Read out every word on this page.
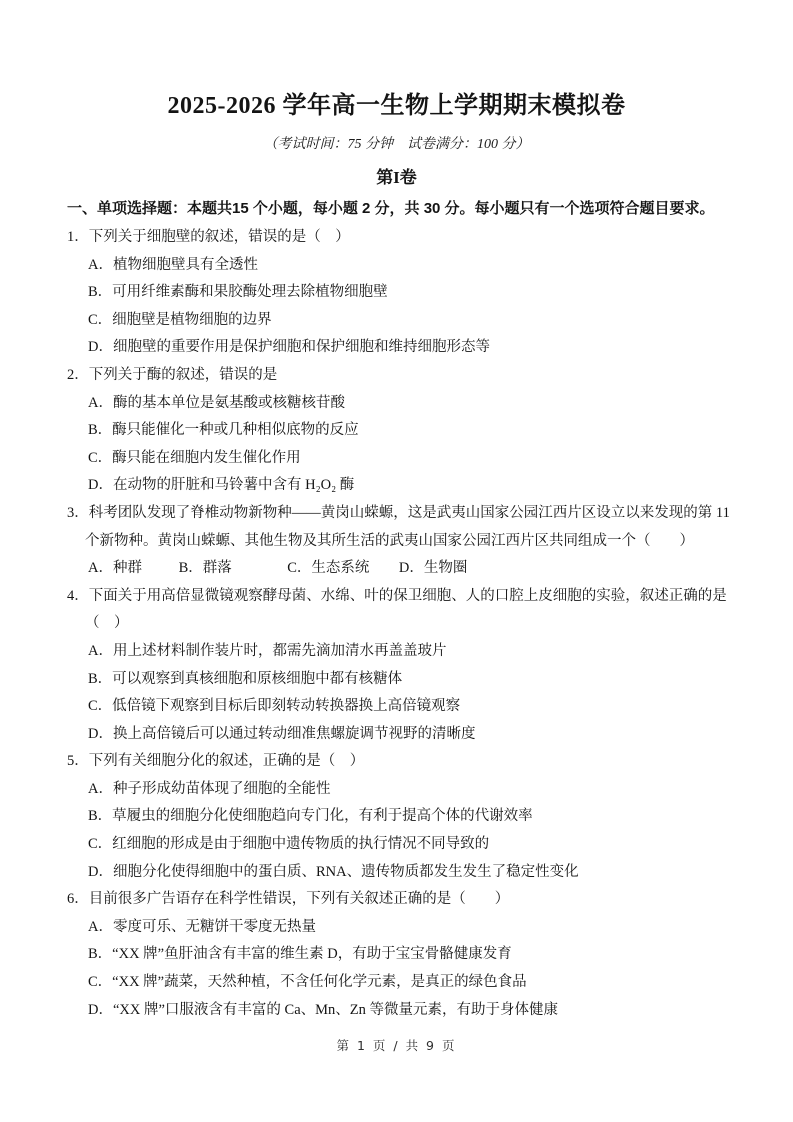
2025-2026 学年高一生物上学期期末模拟卷
（考试时间：75 分钟　试卷满分：100 分）
第I卷
一、单项选择题：本题共15 个小题，每小题 2 分，共 30 分。每小题只有一个选项符合题目要求。
1．下列关于细胞壁的叙述，错误的是（　）
A．植物细胞壁具有全透性
B．可用纤维素酶和果胶酶处理去除植物细胞壁
C．细胞壁是植物细胞的边界
D．细胞壁的重要作用是保护细胞和保护细胞和维持细胞形态等
2．下列关于酶的叙述，错误的是
A．酶的基本单位是氨基酸或核糖核苷酸
B．酶只能催化一种或几种相似底物的反应
C．酶只能在细胞内发生催化作用
D．在动物的肝脏和马铃薯中含有 H₂O₂ 酶
3．科考团队发现了脊椎动物新物种——黄岗山蝾螈，这是武夷山国家公园江西片区设立以来发现的第 11
个新物种。黄岗山蝾螈、其他生物及其所生活的武夷山国家公园江西片区共同组成一个（　　）
A．种群	B．群落	C．生态系统 D．生物圈
4．下面关于用高倍显微镜观察酵母菌、水绵、叶的保卫细胞、人的口腔上皮细胞的实验，叙述正确的是
（　）
A．用上述材料制作装片时，都需先滴加清水再盖盖玻片
B．可以观察到真核细胞和原核细胞中都有核糖体
C．低倍镜下观察到目标后即刻转动转换器换上高倍镜观察
D．换上高倍镜后可以通过转动细准焦螺旋调节视野的清晰度
5．下列有关细胞分化的叙述，正确的是（　）
A．种子形成幼苗体现了细胞的全能性
B．草履虫的细胞分化使细胞趋向专门化，有利于提高个体的代谢效率
C．红细胞的形成是由于细胞中遗传物质的执行情况不同导致的
D．细胞分化使得细胞中的蛋白质、RNA、遗传物质都发生发生了稳定性变化
6．目前很多广告语存在科学性错误，下列有关叙述正确的是（　　）
A．零度可乐、无糖饼干零度无热量
B．“XX 牌”鱼肝油含有丰富的维生素 D，有助于宝宝骨骼健康发育
C．“XX 牌”蔬菜，天然种植，不含任何化学元素，是真正的绿色食品
D．“XX 牌”口服液含有丰富的 Ca、Mn、Zn 等微量元素，有助于身体健康
第 1 页 / 共 9 页
